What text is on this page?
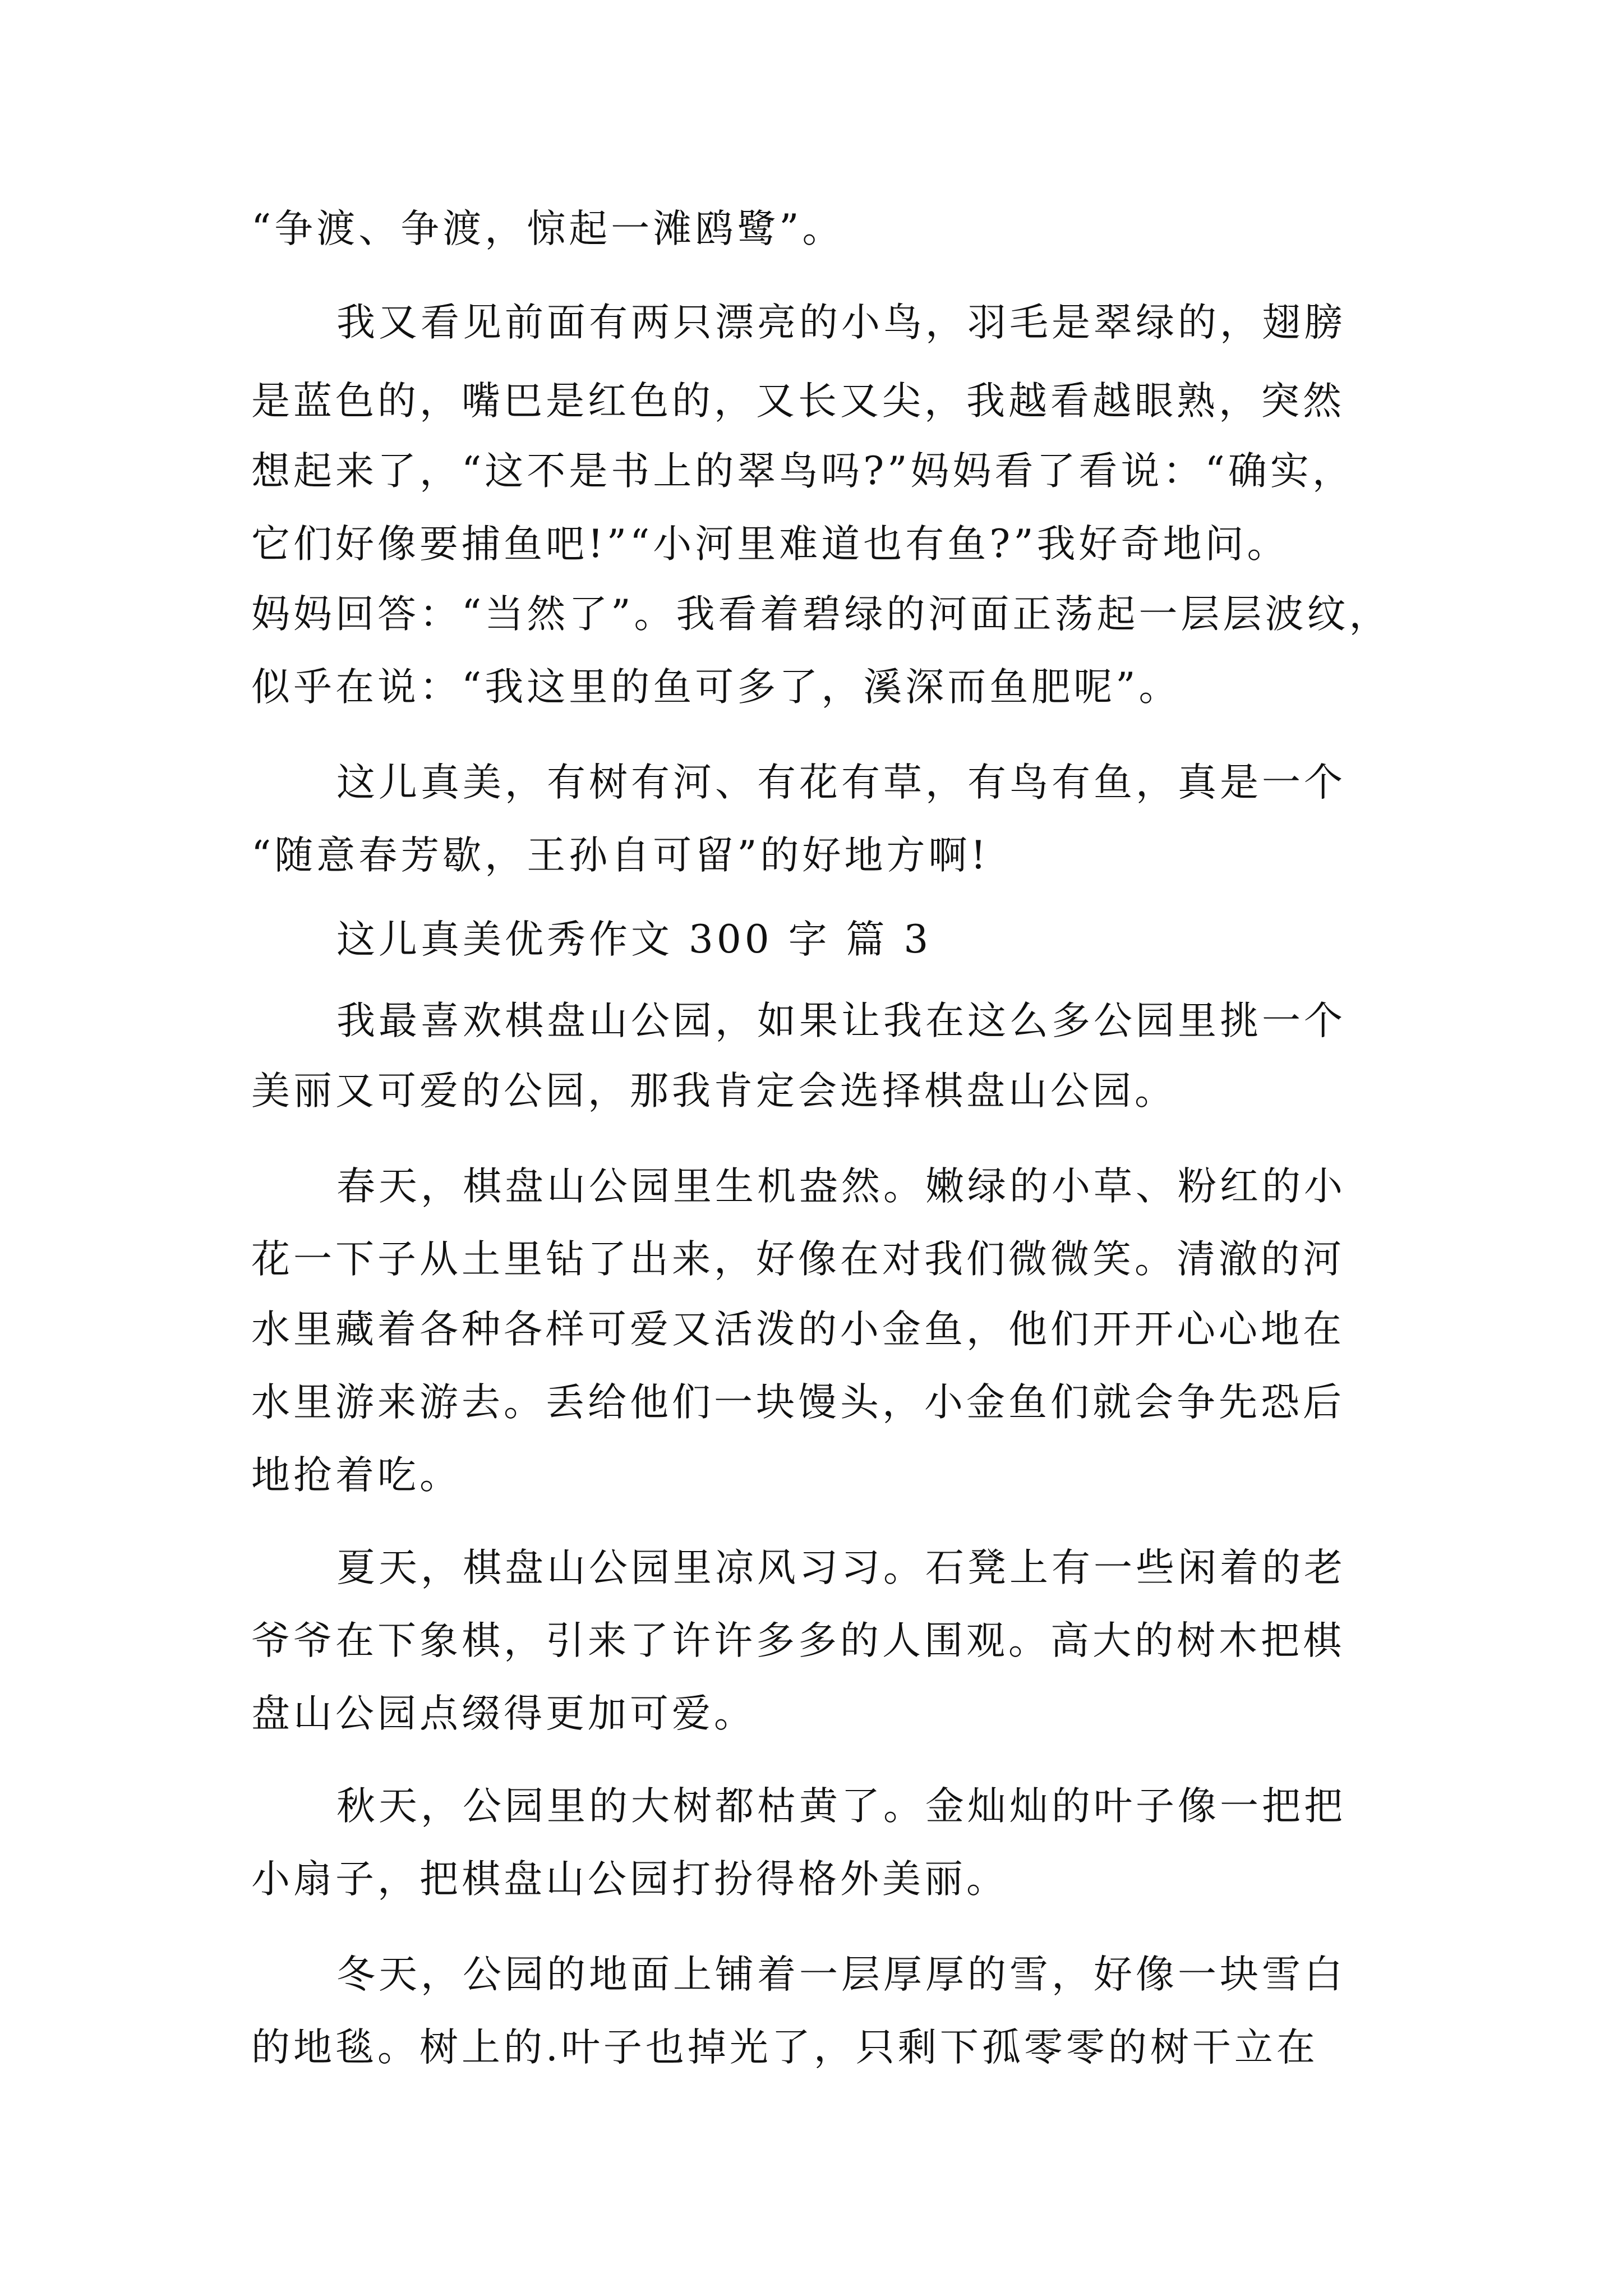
“争渡、争渡，惊起一滩鸥鹭”。
我又看见前面有两只漂亮的小鸟，羽毛是翠绿的，翅膀
是蓝色的，嘴巴是红色的，又长又尖，我越看越眼熟，突然
想起来了，“这不是书上的翠鸟吗?”妈妈看了看说：“确实，
它们好像要捕鱼吧!”“小河里难道也有鱼?”我好奇地问。
妈妈回答：“当然了”。我看着碧绿的河面正荡起一层层波纹，
似乎在说：“我这里的鱼可多了，溪深而鱼肥呢”。
这儿真美，有树有河、有花有草，有鸟有鱼，真是一个
“随意春芳歇，王孙自可留”的好地方啊!
这儿真美优秀作文 300 字 篇 3
我最喜欢棋盘山公园，如果让我在这么多公园里挑一个
美丽又可爱的公园，那我肯定会选择棋盘山公园。
春天，棋盘山公园里生机盎然。嫩绿的小草、粉红的小
花一下子从土里钻了出来，好像在对我们微微笑。清澈的河
水里藏着各种各样可爱又活泼的小金鱼，他们开开心心地在
水里游来游去。丢给他们一块馒头，小金鱼们就会争先恐后
地抢着吃。
夏天，棋盘山公园里凉风习习。石凳上有一些闲着的老
爷爷在下象棋，引来了许许多多的人围观。高大的树木把棋
盘山公园点缀得更加可爱。
秋天，公园里的大树都枯黄了。金灿灿的叶子像一把把
小扇子，把棋盘山公园打扮得格外美丽。
冬天，公园的地面上铺着一层厚厚的雪，好像一块雪白
的地毯。树上的.叶子也掉光了，只剩下孤零零的树干立在
